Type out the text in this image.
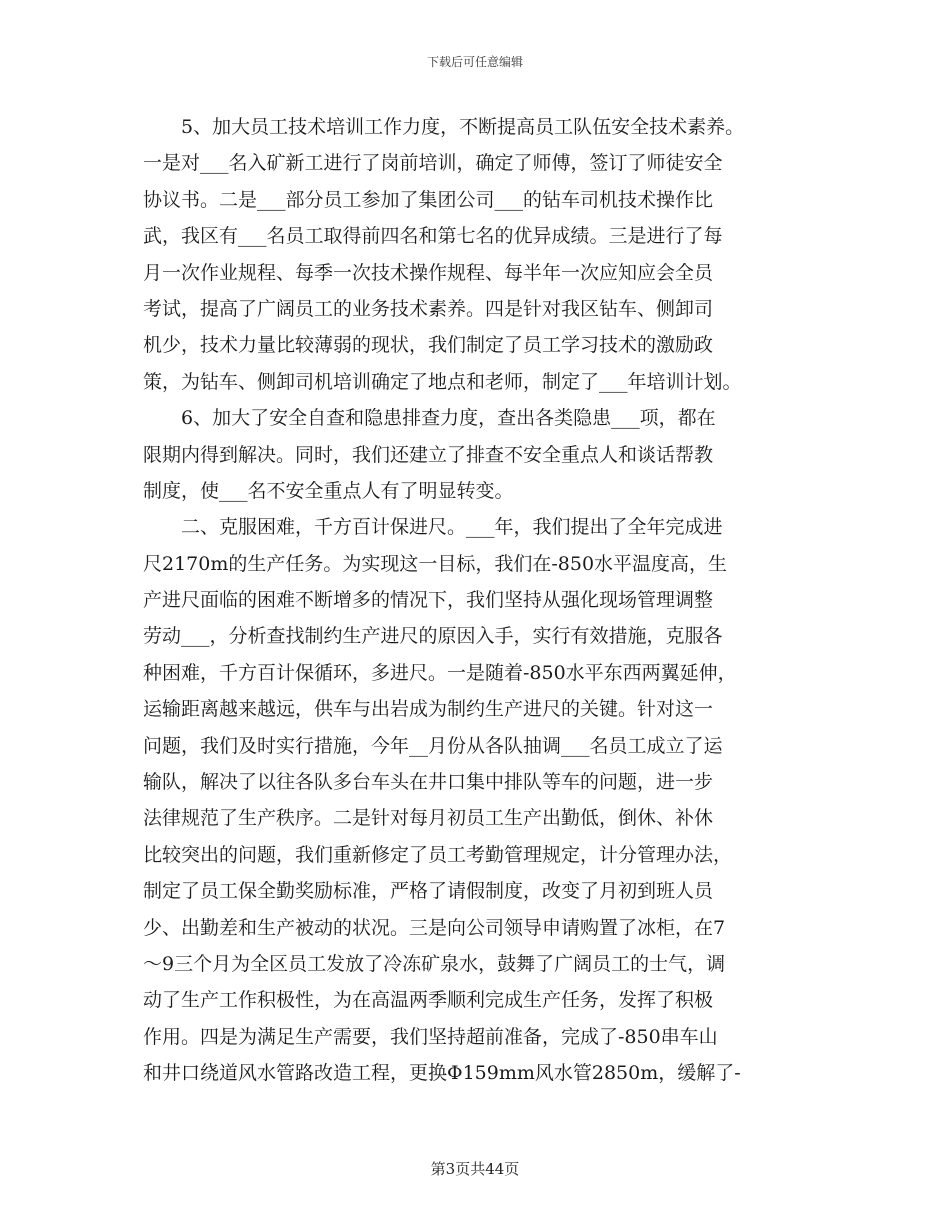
下载后可任意编辑
5、加大员工技术培训工作力度，不断提高员工队伍安全技术素养。
一是对___名入矿新工进行了岗前培训，确定了师傅，签订了师徒安全
协议书。二是___部分员工参加了集团公司___的钻车司机技术操作比
武，我区有___名员工取得前四名和第七名的优异成绩。三是进行了每
月一次作业规程、每季一次技术操作规程、每半年一次应知应会全员
考试，提高了广阔员工的业务技术素养。四是针对我区钻车、侧卸司
机少，技术力量比较薄弱的现状，我们制定了员工学习技术的激励政
策，为钻车、侧卸司机培训确定了地点和老师，制定了___年培训计划。
6、加大了安全自查和隐患排查力度，查出各类隐患___项，都在
限期内得到解决。同时，我们还建立了排查不安全重点人和谈话帮教
制度，使___名不安全重点人有了明显转变。
二、克服困难，千方百计保进尺。___年，我们提出了全年完成进
尺2170m的生产任务。为实现这一目标，我们在-850水平温度高，生
产进尺面临的困难不断增多的情况下，我们坚持从强化现场管理调整
劳动___，分析查找制约生产进尺的原因入手，实行有效措施，克服各
种困难，千方百计保循环，多进尺。一是随着-850水平东西两翼延伸，
运输距离越来越远，供车与出岩成为制约生产进尺的关键。针对这一
问题，我们及时实行措施，今年__月份从各队抽调___名员工成立了运
输队，解决了以往各队多台车头在井口集中排队等车的问题，进一步
法律规范了生产秩序。二是针对每月初员工生产出勤低，倒休、补休
比较突出的问题，我们重新修定了员工考勤管理规定，计分管理办法，
制定了员工保全勤奖励标准，严格了请假制度，改变了月初到班人员
少、出勤差和生产被动的状况。三是向公司领导申请购置了冰柜，在7
～9三个月为全区员工发放了冷冻矿泉水，鼓舞了广阔员工的士气，调
动了生产工作积极性，为在高温两季顺利完成生产任务，发挥了积极
作用。四是为满足生产需要，我们坚持超前准备，完成了-850串车山
和井口绕道风水管路改造工程，更换Φ159mm风水管2850m，缓解了-
第3页共44页
